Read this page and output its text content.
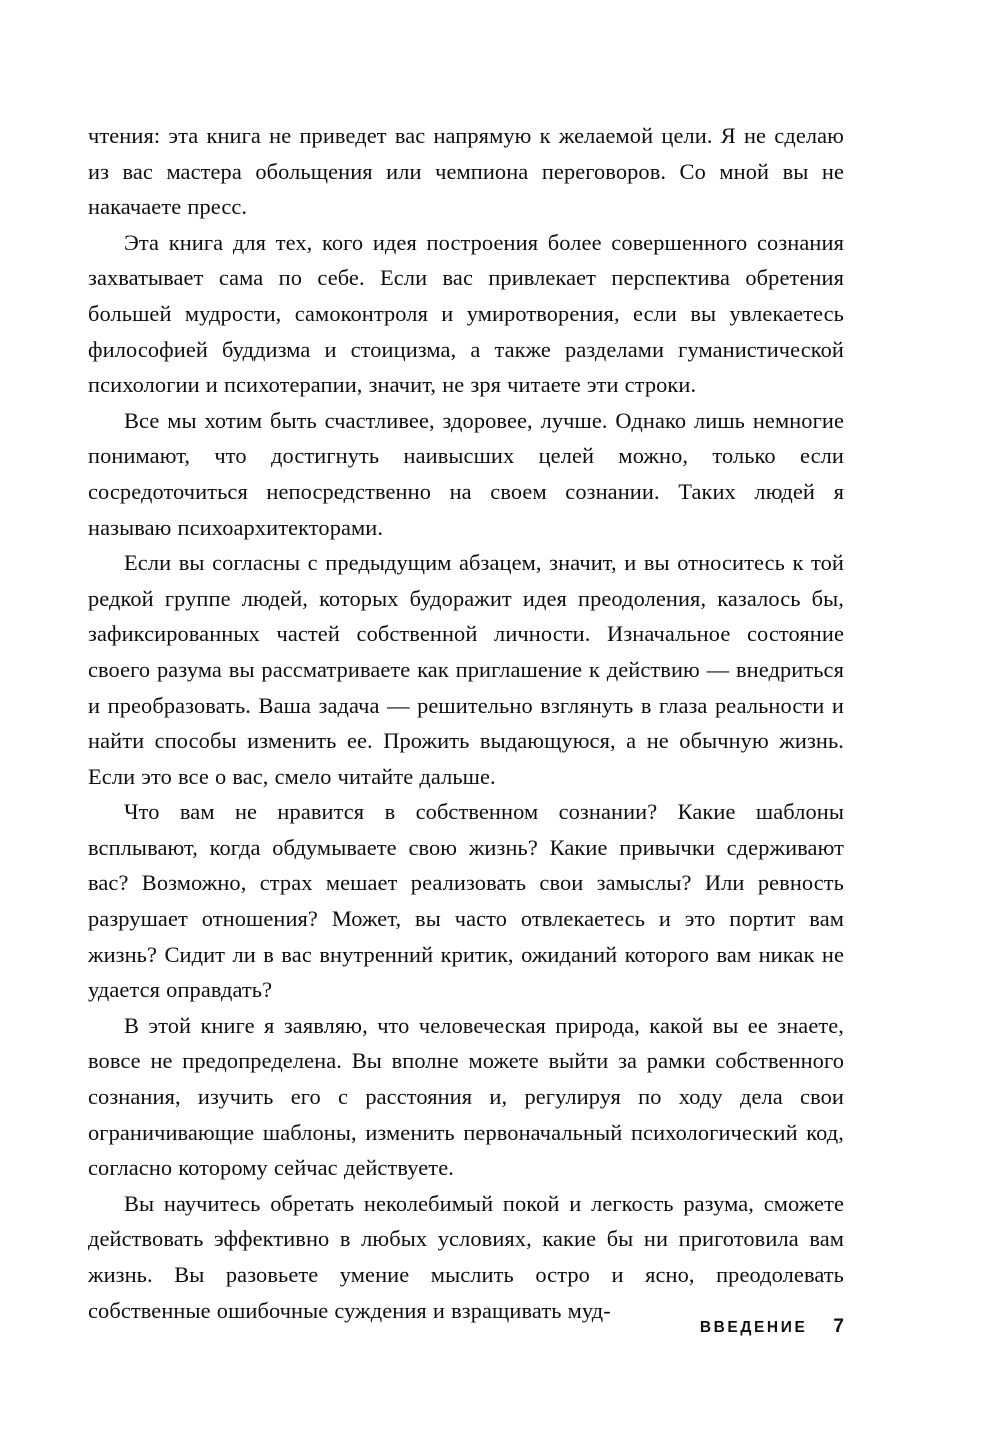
чтения: эта книга не приведет вас напрямую к желаемой цели. Я не сделаю из вас мастера обольщения или чемпиона переговоров. Со мной вы не накачаете пресс.

Эта книга для тех, кого идея построения более совершенного сознания захватывает сама по себе. Если вас привлекает перспектива обретения большей мудрости, самоконтроля и умиротворения, если вы увлекаетесь философией буддизма и стоицизма, а также разделами гуманистической психологии и психотерапии, значит, не зря читаете эти строки.

Все мы хотим быть счастливее, здоровее, лучше. Однако лишь немногие понимают, что достигнуть наивысших целей можно, только если сосредоточиться непосредственно на своем сознании. Таких людей я называю психоархитекторами.

Если вы согласны с предыдущим абзацем, значит, и вы относитесь к той редкой группе людей, которых будоражит идея преодоления, казалось бы, зафиксированных частей собственной личности. Изначальное состояние своего разума вы рассматриваете как приглашение к действию — внедриться и преобразовать. Ваша задача — решительно взглянуть в глаза реальности и найти способы изменить ее. Прожить выдающуюся, а не обычную жизнь. Если это все о вас, смело читайте дальше.

Что вам не нравится в собственном сознании? Какие шаблоны всплывают, когда обдумываете свою жизнь? Какие привычки сдерживают вас? Возможно, страх мешает реализовать свои замыслы? Или ревность разрушает отношения? Может, вы часто отвлекаетесь и это портит вам жизнь? Сидит ли в вас внутренний критик, ожиданий которого вам никак не удается оправдать?

В этой книге я заявляю, что человеческая природа, какой вы ее знаете, вовсе не предопределена. Вы вполне можете выйти за рамки собственного сознания, изучить его с расстояния и, регулируя по ходу дела свои ограничивающие шаблоны, изменить первоначальный психологический код, согласно которому сейчас действуете.

Вы научитесь обретать неколебимый покой и легкость разума, сможете действовать эффективно в любых условиях, какие бы ни приготовила вам жизнь. Вы разовьете умение мыслить остро и ясно, преодолевать собственные ошибочные суждения и взращивать муд-

ВВЕДЕНИЕ 7
